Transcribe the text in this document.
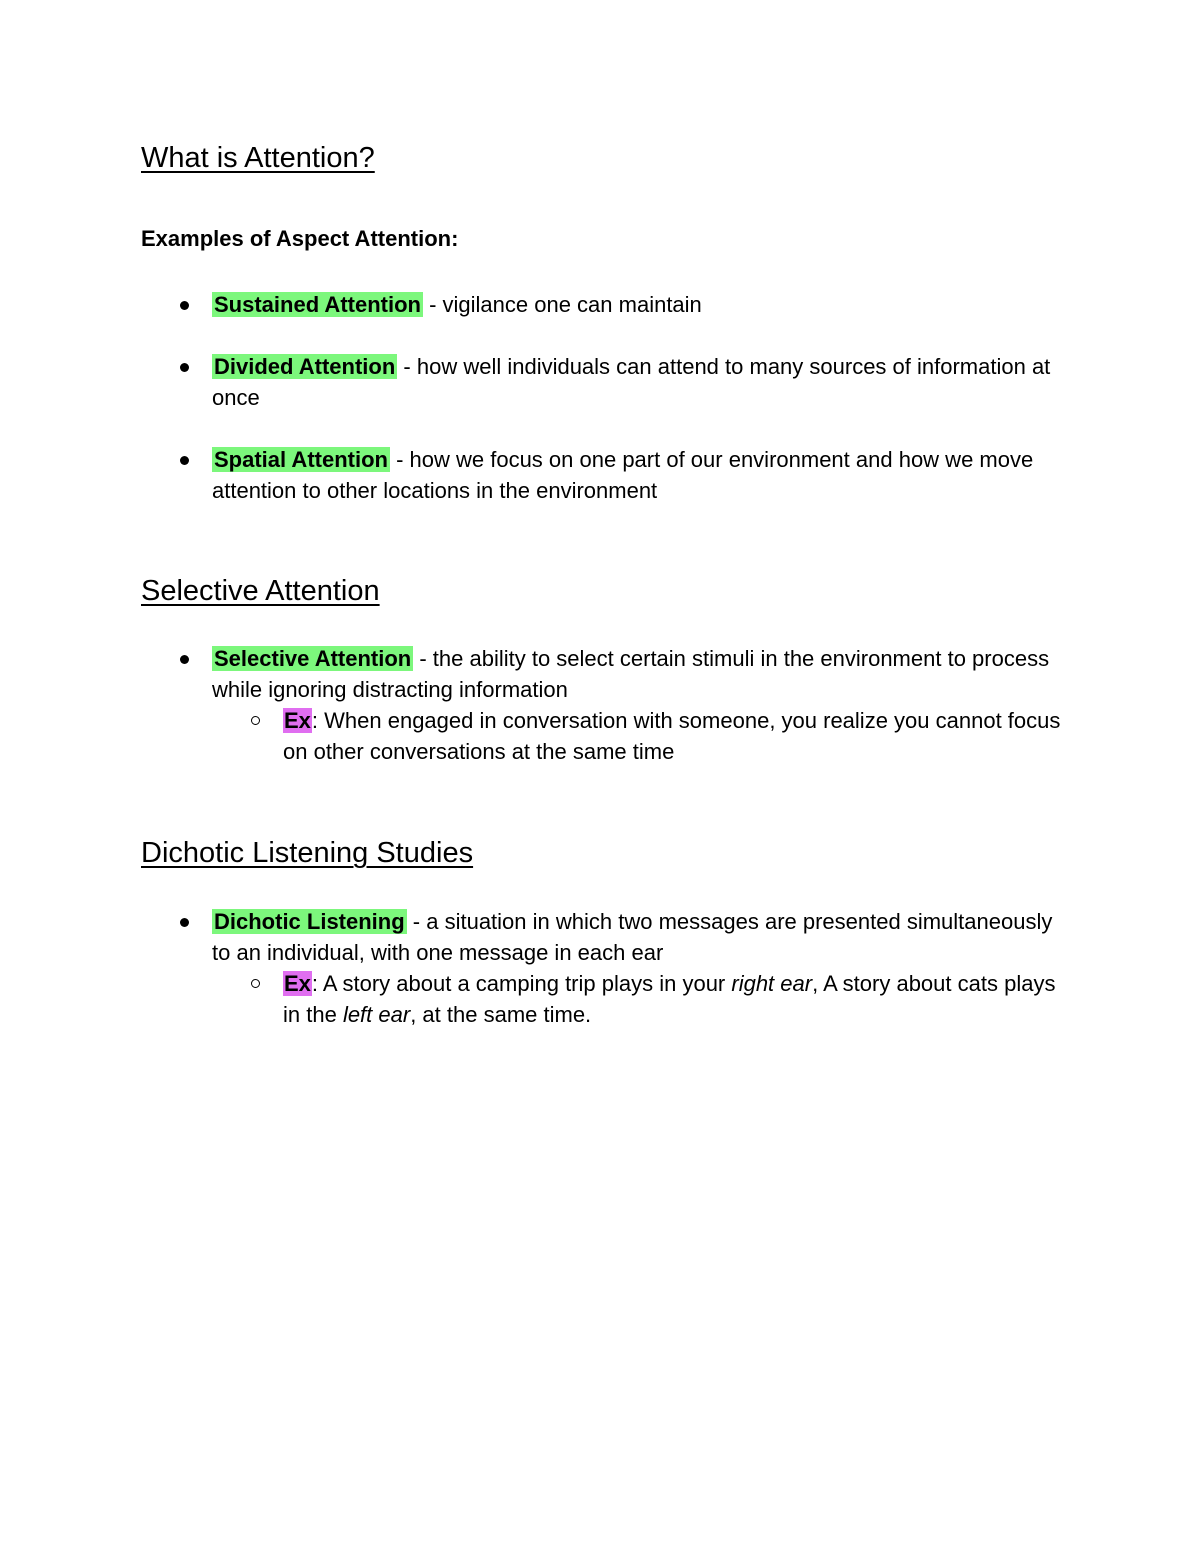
What is Attention?
Examples of Aspect Attention:
Sustained Attention - vigilance one can maintain
Divided Attention - how well individuals can attend to many sources of information at once
Spatial Attention - how we focus on one part of our environment and how we move attention to other locations in the environment
Selective Attention
Selective Attention - the ability to select certain stimuli in the environment to process while ignoring distracting information
Ex: When engaged in conversation with someone, you realize you cannot focus on other conversations at the same time
Dichotic Listening Studies
Dichotic Listening - a situation in which two messages are presented simultaneously to an individual, with one message in each ear
Ex: A story about a camping trip plays in your right ear, A story about cats plays in the left ear, at the same time.
